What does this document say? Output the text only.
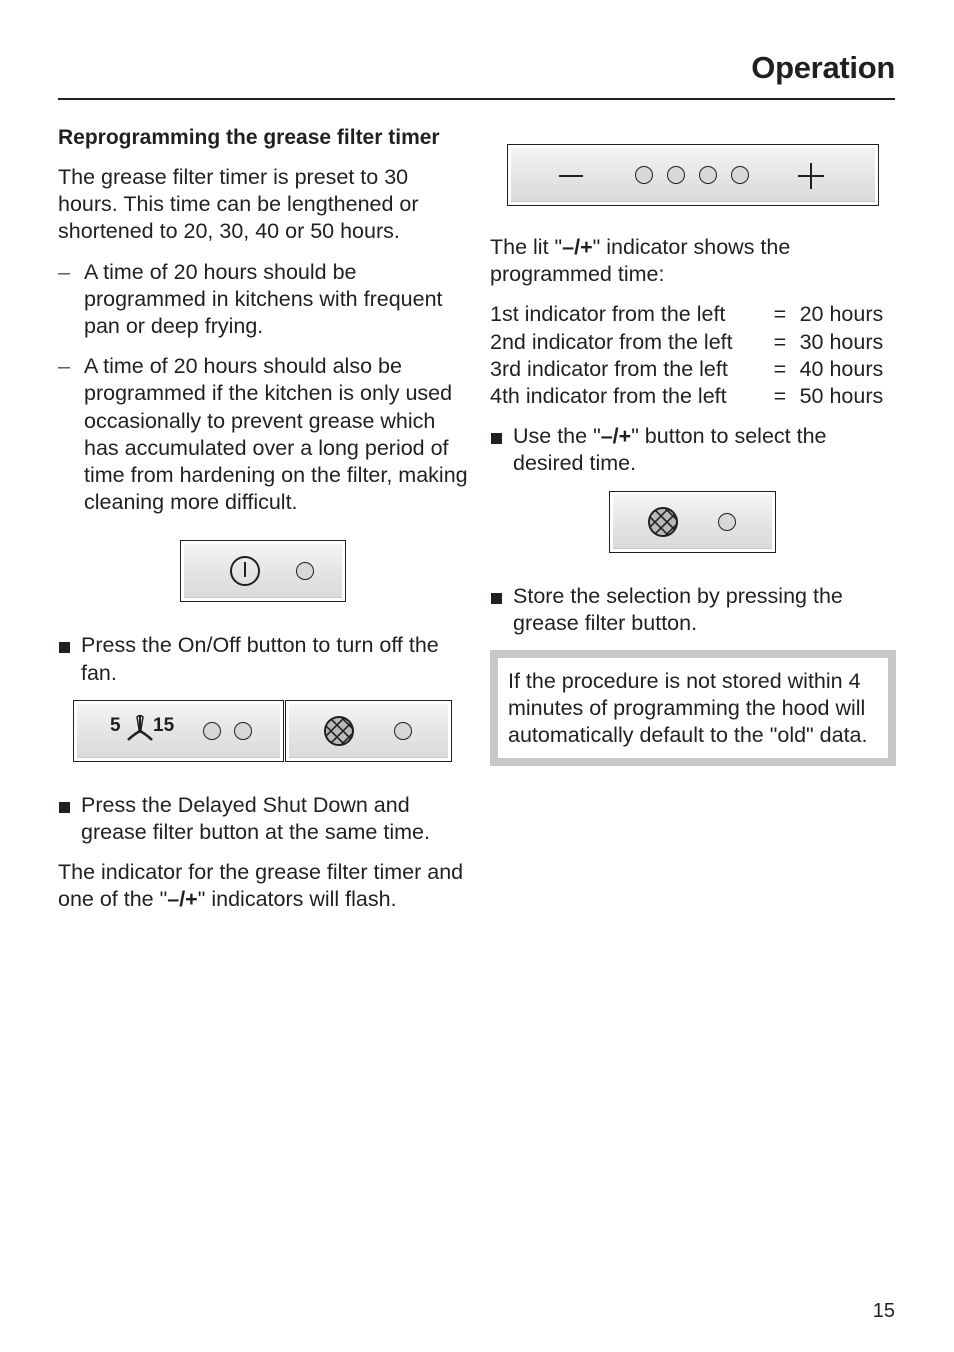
Operation

Reprogramming the grease filter timer

The grease filter timer is preset to 30 hours. This time can be lengthened or shortened to 20, 30, 40 or 50 hours.

– A time of 20 hours should be programmed in kitchens with frequent pan or deep frying.
– A time of 20 hours should also be programmed if the kitchen is only used occasionally to prevent grease which has accumulated over a long period of time from hardening on the filter, making cleaning more difficult.
Press the On/Off button to turn off the fan.
5 15
Press the Delayed Shut Down and grease filter button at the same time.

The indicator for the grease filter timer and one of the "–/+" indicators will flash.

The lit "–/+" indicator shows the programmed time:

1st indicator from the left	=	20 hours
2nd indicator from the left	=	30 hours
3rd indicator from the left	=	40 hours
4th indicator from the left	=	50 hours
Use the "–/+" button to select the desired time.
Store the selection by pressing the grease filter button.

If the procedure is not stored within 4 minutes of programming the hood will automatically default to the "old" data.

15
